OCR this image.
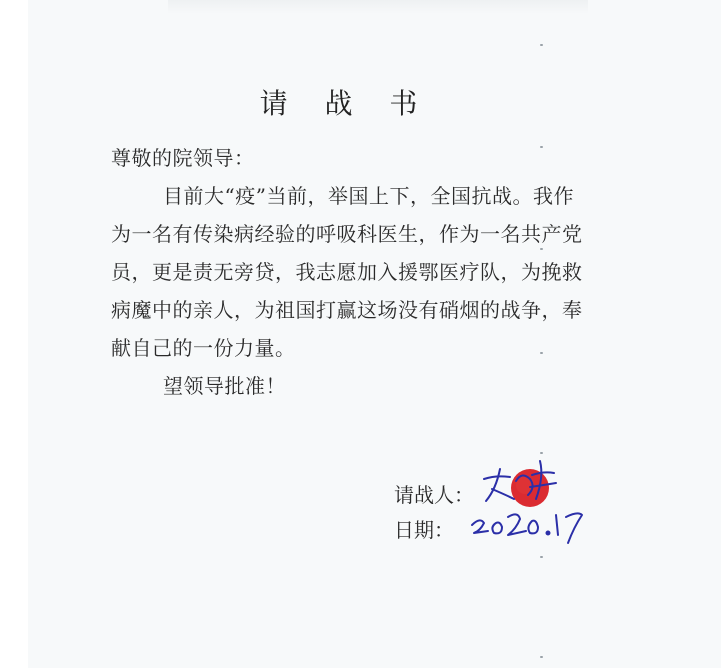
请 战 书
尊敬的院领导：
目前大“疫”当前，举国上下，全国抗战。我作
为一名有传染病经验的呼吸科医生，作为一名共产党
员，更是责无旁贷，我志愿加入援鄂医疗队，为挽救
病魔中的亲人，为祖国打赢这场没有硝烟的战争，奉
献自己的一份力量。
望领导批准！
请战人：
日期：
